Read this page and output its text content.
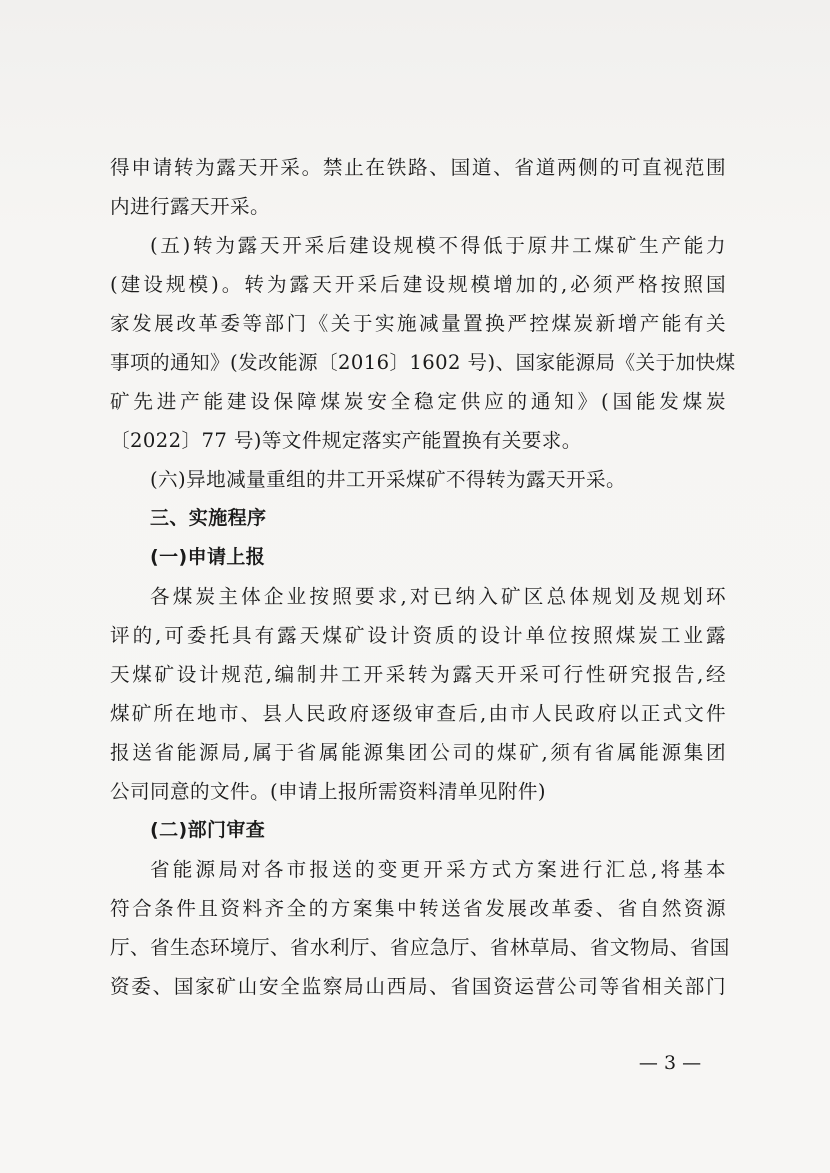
得申请转为露天开采。禁止在铁路、国道、省道两侧的可直视范围
内进行露天开采。
(五)转为露天开采后建设规模不得低于原井工煤矿生产能力
(建设规模)。转为露天开采后建设规模增加的,必须严格按照国
家发展改革委等部门《关于实施减量置换严控煤炭新增产能有关
事项的通知》(发改能源〔2016〕1602 号)、国家能源局《关于加快煤
矿先进产能建设保障煤炭安全稳定供应的通知》(国能发煤炭
〔2022〕77 号)等文件规定落实产能置换有关要求。
(六)异地减量重组的井工开采煤矿不得转为露天开采。
三、实施程序
(一)申请上报
各煤炭主体企业按照要求,对已纳入矿区总体规划及规划环
评的,可委托具有露天煤矿设计资质的设计单位按照煤炭工业露
天煤矿设计规范,编制井工开采转为露天开采可行性研究报告,经
煤矿所在地市、县人民政府逐级审查后,由市人民政府以正式文件
报送省能源局,属于省属能源集团公司的煤矿,须有省属能源集团
公司同意的文件。(申请上报所需资料清单见附件)
(二)部门审查
省能源局对各市报送的变更开采方式方案进行汇总,将基本
符合条件且资料齐全的方案集中转送省发展改革委、省自然资源
厅、省生态环境厅、省水利厅、省应急厅、省林草局、省文物局、省国
资委、国家矿山安全监察局山西局、省国资运营公司等省相关部门
— 3 —
